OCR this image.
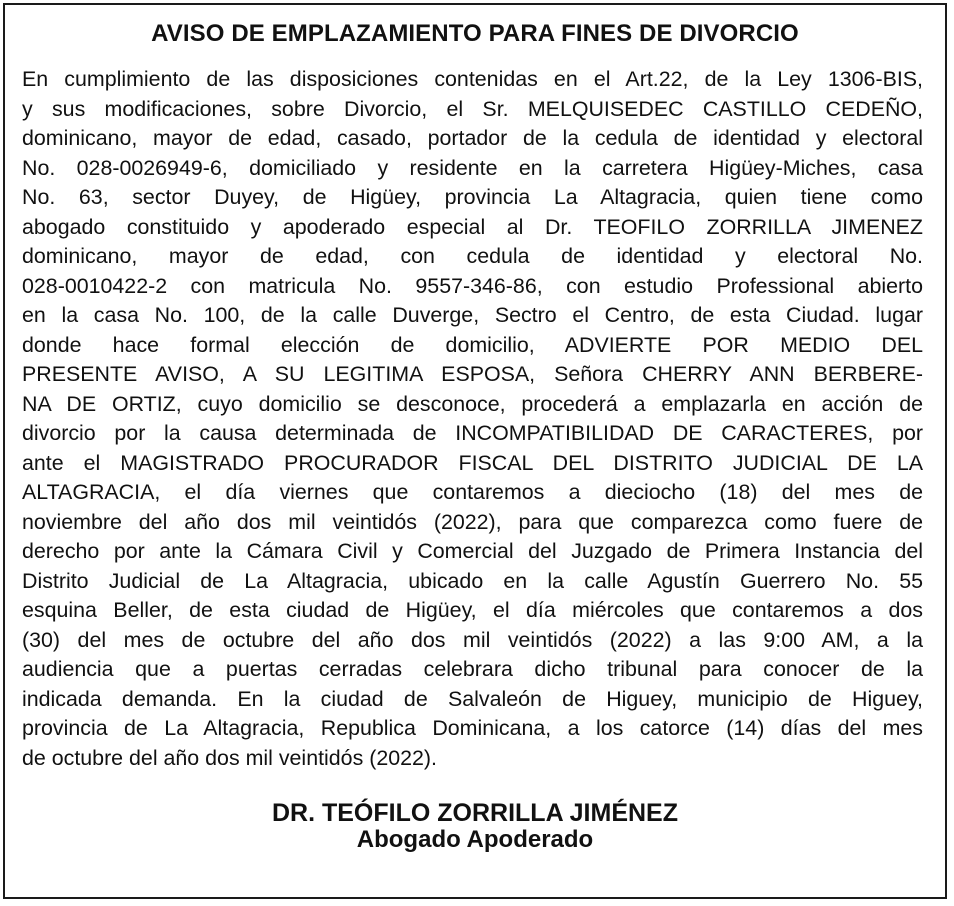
AVISO DE EMPLAZAMIENTO PARA FINES DE DIVORCIO
En cumplimiento de las disposiciones contenidas en el Art.22, de la Ley 1306-BIS,
y sus modificaciones, sobre Divorcio, el Sr. MELQUISEDEC CASTILLO CEDEÑO,
dominicano, mayor de edad, casado, portador de la cedula de identidad y electoral
No. 028-0026949-6, domiciliado y residente en la carretera Higüey-Miches, casa
No. 63, sector Duyey, de Higüey, provincia La Altagracia, quien tiene como
abogado constituido y apoderado especial al Dr. TEOFILO ZORRILLA JIMENEZ
dominicano, mayor de edad, con cedula de identidad y electoral No.
028-0010422-2 con matricula No. 9557-346-86, con estudio Professional abierto
en la casa No. 100, de la calle Duverge, Sectro el Centro, de esta Ciudad. lugar
donde hace formal elección de domicilio, ADVIERTE POR MEDIO DEL
PRESENTE AVISO, A SU LEGITIMA ESPOSA, Señora CHERRY ANN BERBERE-
NA DE ORTIZ, cuyo domicilio se desconoce, procederá a emplazarla en acción de
divorcio por la causa determinada de INCOMPATIBILIDAD DE CARACTERES, por
ante el MAGISTRADO PROCURADOR FISCAL DEL DISTRITO JUDICIAL DE LA
ALTAGRACIA, el día viernes que contaremos a dieciocho (18) del mes de
noviembre del año dos mil veintidós (2022), para que comparezca como fuere de
derecho por ante la Cámara Civil y Comercial del Juzgado de Primera Instancia del
Distrito Judicial de La Altagracia, ubicado en la calle Agustín Guerrero No. 55
esquina Beller, de esta ciudad de Higüey, el día miércoles que contaremos a dos
(30) del mes de octubre del año dos mil veintidós (2022) a las 9:00 AM, a la
audiencia que a puertas cerradas celebrara dicho tribunal para conocer de la
indicada demanda. En la ciudad de Salvaleón de Higuey, municipio de Higuey,
provincia de La Altagracia, Republica Dominicana, a los catorce (14) días del mes
de octubre del año dos mil veintidós (2022).
DR. TEÓFILO ZORRILLA JIMÉNEZ
Abogado Apoderado
